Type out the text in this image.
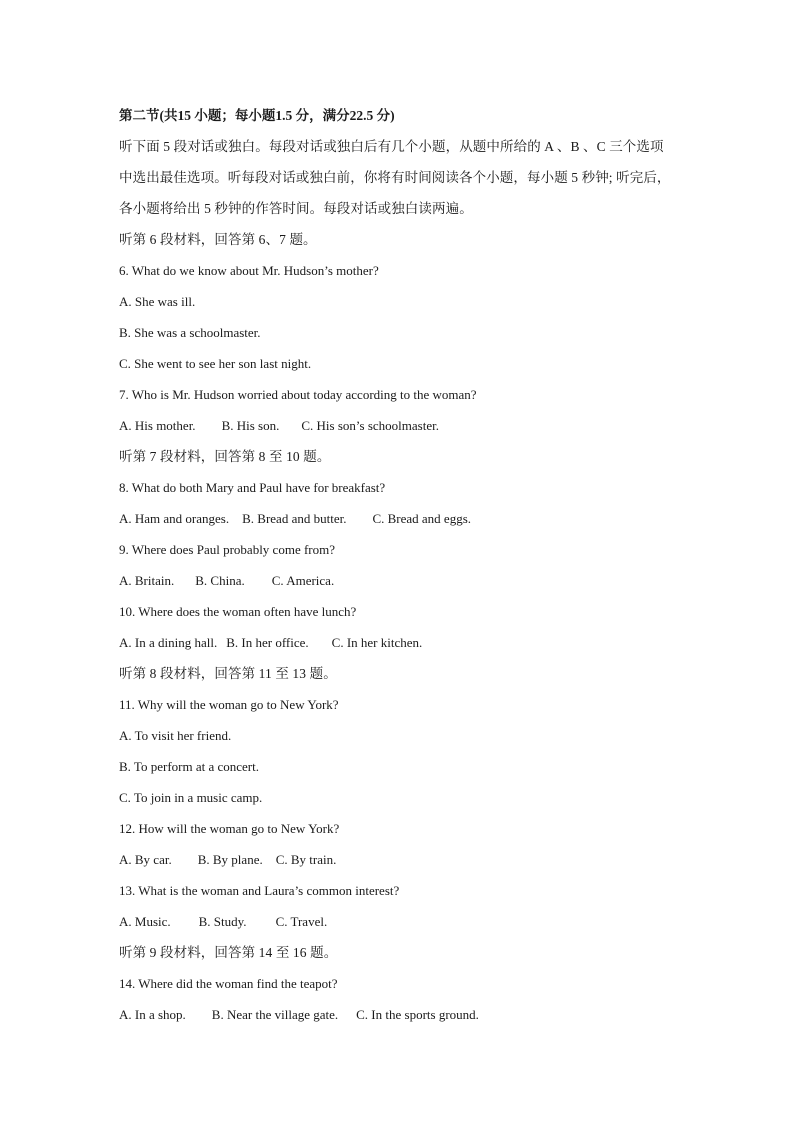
第二节(共15 小题；每小题1.5 分，满分22.5 分)
听下面 5 段对话或独白。每段对话或独白后有几个小题，从题中所给的 A 、B 、C 三个选项
中选出最佳选项。听每段对话或独白前，你将有时间阅读各个小题，每小题 5 秒钟; 听完后，
各小题将给出 5 秒钟的作答时间。每段对话或独白读两遍。
听第 6 段材料，回答第 6、7 题。
6. What do we know about Mr. Hudson’s mother?
A. She was ill.
B. She was a schoolmaster.
C. She went to see her son last night.
7. Who is Mr. Hudson worried about today according to the woman?
A. His mother. B. His son. C. His son’s schoolmaster.
听第 7 段材料，回答第 8 至 10 题。
8. What do both Mary and Paul have for breakfast?
A. Ham and oranges. B. Bread and butter. C. Bread and eggs.
9. Where does Paul probably come from?
A. Britain. B. China. C. America.
10. Where does the woman often have lunch?
A. In a dining hall. B. In her office. C. In her kitchen.
听第 8 段材料，回答第 11 至 13 题。
11. Why will the woman go to New York?
A. To visit her friend.
B. To perform at a concert.
C. To join in a music camp.
12. How will the woman go to New York?
A. By car. B. By plane. C. By train.
13. What is the woman and Laura’s common interest?
A. Music. B. Study. C. Travel.
听第 9 段材料，回答第 14 至 16 题。
14. Where did the woman find the teapot?
A. In a shop. B. Near the village gate. C. In the sports ground.
